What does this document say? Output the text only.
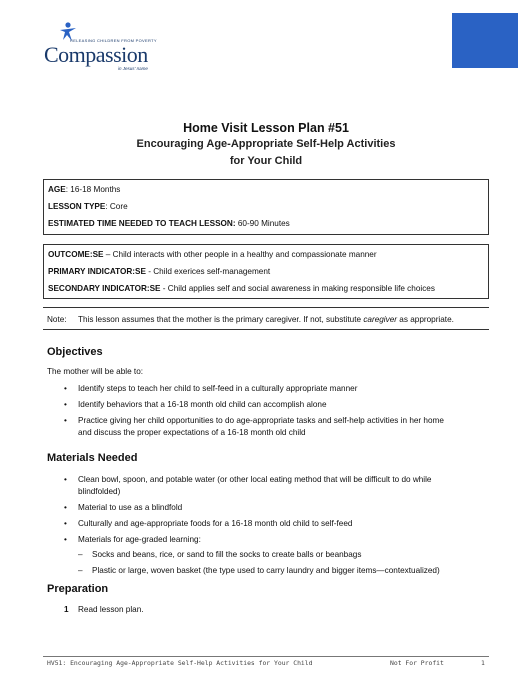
RELEASING CHILDREN FROM POVERTY
Compassion
in Jesus' name
Home Visit Lesson Plan #51
Encouraging Age-Appropriate Self-Help Activities
for Your Child
AGE: 16-18 Months
LESSON TYPE: Core
ESTIMATED TIME NEEDED TO TEACH LESSON: 60-90 Minutes
OUTCOME:SE – Child interacts with other people in a healthy and compassionate manner
PRIMARY INDICATOR:SE - Child exerices self-management
SECONDARY INDICATOR:SE - Child applies self and social awareness in making responsible life choices
Note: This lesson assumes that the mother is the primary caregiver. If not, substitute caregiver as appropriate.
Objectives
The mother will be able to:
• Identify steps to teach her child to self-feed in a culturally appropriate manner
• Identify behaviors that a 16-18 month old child can accomplish alone
• Practice giving her child opportunities to do age-appropriate tasks and self-help activities in her home
and discuss the proper expectations of a 16-18 month old child
Materials Needed
• Clean bowl, spoon, and potable water (or other local eating method that will be difficult to do while
blindfolded)
• Material to use as a blindfold
• Culturally and age-appropriate foods for a 16-18 month old child to self-feed
• Materials for age-graded learning:
– Socks and beans, rice, or sand to fill the socks to create balls or beanbags
– Plastic or large, woven basket (the type used to carry laundry and bigger items—contextualized)
Preparation
1 Read lesson plan.
HV51: Encouraging Age-Appropriate Self-Help Activities for Your Child	Not For Profit	1
